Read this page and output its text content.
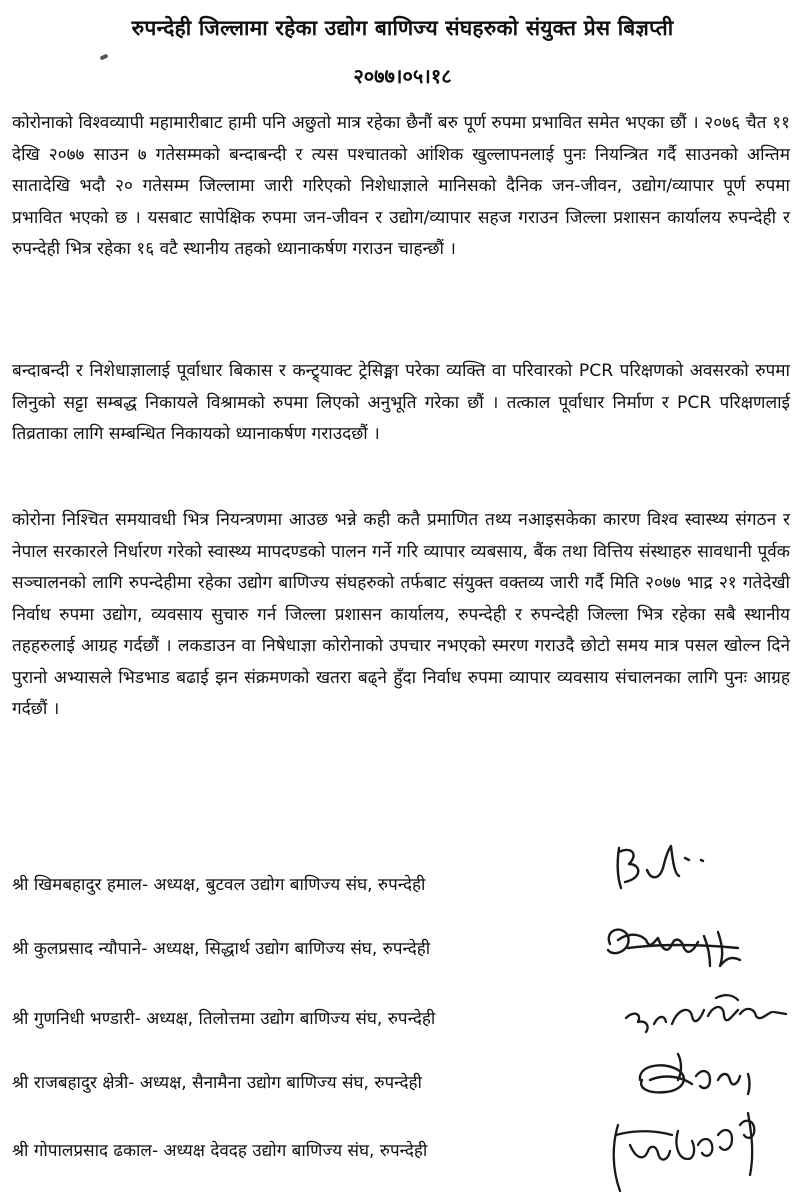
रुपन्देही जिल्लामा रहेका उद्योग बाणिज्य संघहरुको संयुक्त प्रेस बिज्ञप्ती
२०७७।०५।१८

कोरोनाको विश्वव्यापी महामारीबाट हामी पनि अछुतो मात्र रहेका छैनौं बरु पूर्ण रुपमा प्रभावित समेत भएका छौं । २०७६ चैत ११ देखि २०७७ साउन ७ गतेसम्मको बन्दाबन्दी र त्यस पश्चातको आंशिक खुल्लापनलाई पुनः नियन्त्रित गर्दै साउनको अन्तिम सातादेखि भदौ २० गतेसम्म जिल्लामा जारी गरिएको निशेधाज्ञाले मानिसको दैनिक जन-जीवन, उद्योग/व्यापार पूर्ण रुपमा प्रभावित भएको छ । यसबाट सापेक्षिक रुपमा जन-जीवन र उद्योग/व्यापार सहज गराउन जिल्ला प्रशासन कार्यालय रुपन्देही र रुपन्देही भित्र रहेका १६ वटै स्थानीय तहको ध्यानाकर्षण गराउन चाहन्छौं ।

बन्दाबन्दी र निशेधाज्ञालाई पूर्वाधार बिकास र कन्ट्र्याक्ट ट्रेसिङ्मा परेका व्यक्ति वा परिवारको PCR परिक्षणको अवसरको रुपमा लिनुको सट्टा सम्बद्ध निकायले विश्रामको रुपमा लिएको अनुभूति गरेका छौं । तत्काल पूर्वाधार निर्माण र PCR परिक्षणलाई तिव्रताका लागि सम्बन्धित निकायको ध्यानाकर्षण गराउदछौं ।

कोरोना निश्चित समयावधी भित्र नियन्त्रणमा आउछ भन्ने कही कतै प्रमाणित तथ्य नआइसकेका कारण विश्व स्वास्थ्य संगठन र नेपाल सरकारले निर्धारण गरेको स्वास्थ्य मापदण्डको पालन गर्ने गरि व्यापार व्यबसाय, बैंक तथा वित्तिय संस्थाहरु सावधानी पूर्वक सञ्चालनको लागि रुपन्देहीमा रहेका उद्योग बाणिज्य संघहरुको तर्फबाट संयुक्त वक्तव्य जारी गर्दै मिति २०७७ भाद्र २१ गतेदेखी निर्वाध रुपमा उद्योग, व्यवसाय सुचारु गर्न जिल्ला प्रशासन कार्यालय, रुपन्देही र रुपन्देही जिल्ला भित्र रहेका सबै स्थानीय तहहरुलाई आग्रह गर्दछौं । लकडाउन वा निषेधाज्ञा कोरोनाको उपचार नभएको स्मरण गराउदै छोटो समय मात्र पसल खोल्न दिने पुरानो अभ्यासले भिडभाड बढाई झन संक्रमणको खतरा बढ्ने हुँदा निर्वाध रुपमा व्यापार व्यवसाय संचालनका लागि पुनः आग्रह गर्दछौं ।

श्री खिमबहादुर हमाल- अध्यक्ष, बुटवल उद्योग बाणिज्य संघ, रुपन्देही
श्री कुलप्रसाद न्यौपाने- अध्यक्ष, सिद्धार्थ उद्योग बाणिज्य संघ, रुपन्देही
श्री गुणनिधी भण्डारी- अध्यक्ष, तिलोत्तमा उद्योग बाणिज्य संघ, रुपन्देही
श्री राजबहादुर क्षेत्री- अध्यक्ष, सैनामैना उद्योग बाणिज्य संघ, रुपन्देही
श्री गोपालप्रसाद ढकाल- अध्यक्ष देवदह उद्योग बाणिज्य संघ, रुपन्देही
